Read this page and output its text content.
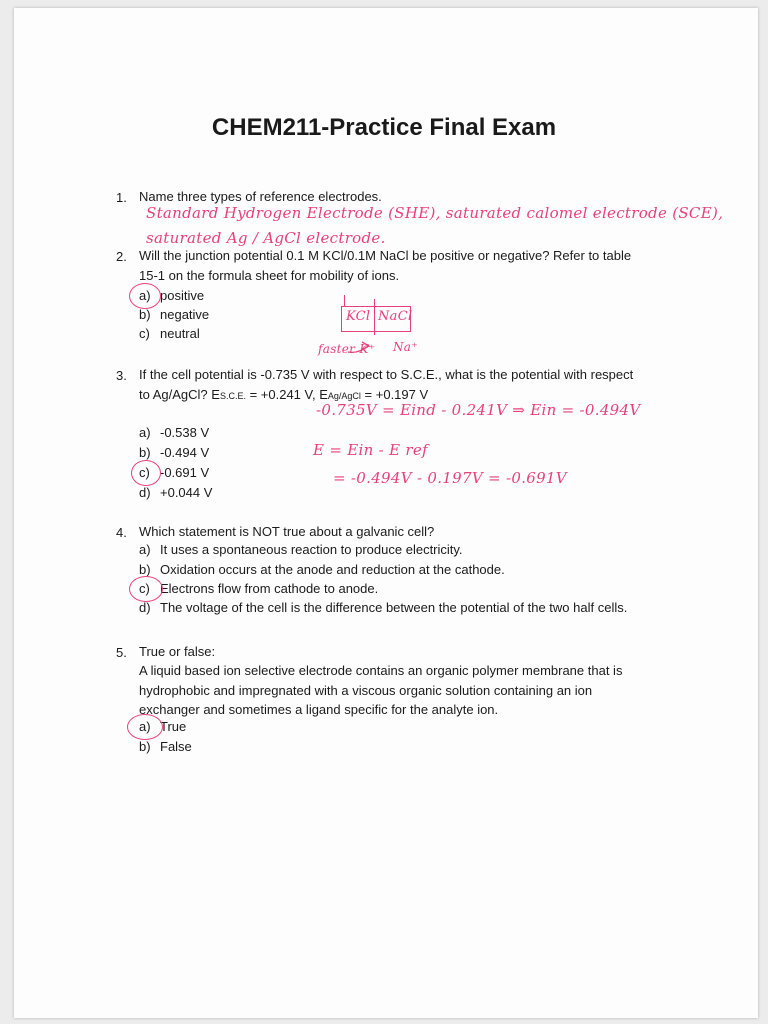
CHEM211-Practice Final Exam
1. Name three types of reference electrodes.
Standard Hydrogen Electrode (SHE), saturated calomel electrode (SCE),
saturated Ag / AgCl electrode.
2. Will the junction potential 0.1 M KCl/0.1M NaCl be positive or negative? Refer to table
15-1 on the formula sheet for mobility of ions.
a) positive
b) negative
c) neutral
KCl NaCl
faster K⁺ Na⁺
3. If the cell potential is -0.735 V with respect to S.C.E., what is the potential with respect
to Ag/AgCl? ES.C.E. = +0.241 V, EAg/AgCl = +0.197 V
-0.735V = Eind - 0.241V ⇒ Ein = -0.494V
a) -0.538 V
b) -0.494 V
c) -0.691 V
d) +0.044 V
E = Ein - E ref
= -0.494V - 0.197V = -0.691V
4. Which statement is NOT true about a galvanic cell?
a) It uses a spontaneous reaction to produce electricity.
b) Oxidation occurs at the anode and reduction at the cathode.
c) Electrons flow from cathode to anode.
d) The voltage of the cell is the difference between the potential of the two half cells.
5. True or false:
A liquid based ion selective electrode contains an organic polymer membrane that is
hydrophobic and impregnated with a viscous organic solution containing an ion
exchanger and sometimes a ligand specific for the analyte ion.
a) True
b) False
